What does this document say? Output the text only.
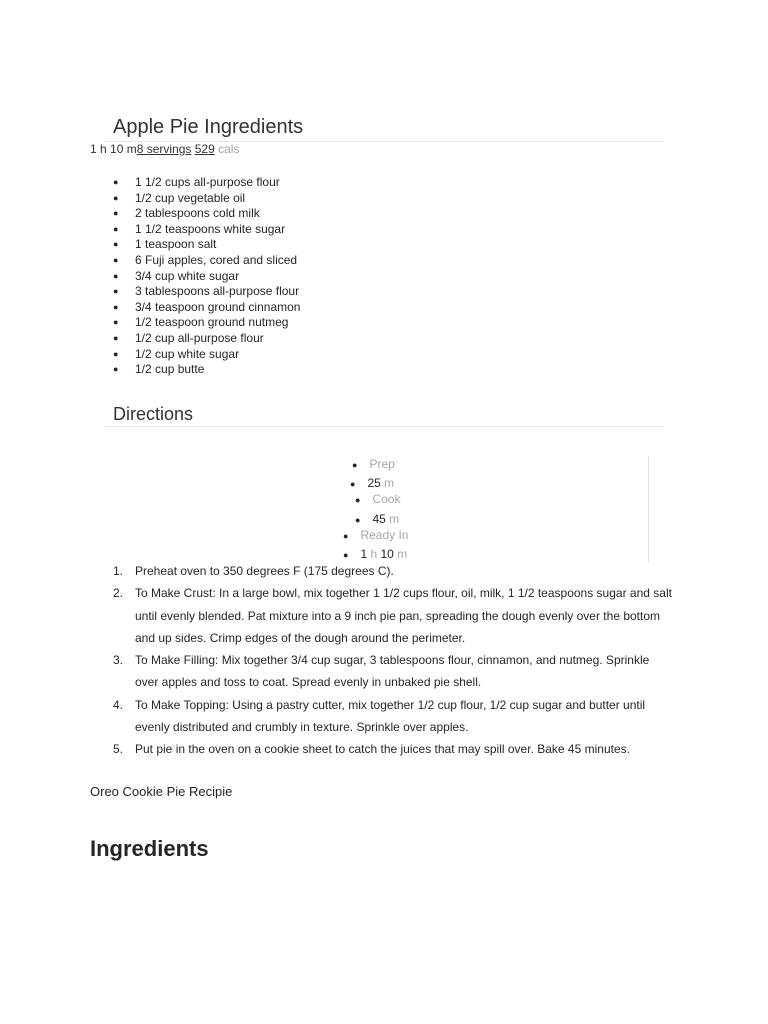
Apple Pie Ingredients
1 h 10 m8 servings 529 cals
● 1 1/2 cups all-purpose flour
● 1/2 cup vegetable oil
● 2 tablespoons cold milk
● 1 1/2 teaspoons white sugar
● 1 teaspoon salt
● 6 Fuji apples, cored and sliced
● 3/4 cup white sugar
● 3 tablespoons all-purpose flour
● 3/4 teaspoon ground cinnamon
● 1/2 teaspoon ground nutmeg
● 1/2 cup all-purpose flour
● 1/2 cup white sugar
● 1/2 cup butte
Directions
● Prep
● 25 m
● Cook
● 45 m
● Ready In
● 1 h 10 m
1. Preheat oven to 350 degrees F (175 degrees C).
2. To Make Crust: In a large bowl, mix together 1 1/2 cups flour, oil, milk, 1 1/2 teaspoons sugar and salt until evenly blended. Pat mixture into a 9 inch pie pan, spreading the dough evenly over the bottom and up sides. Crimp edges of the dough around the perimeter.
3. To Make Filling: Mix together 3/4 cup sugar, 3 tablespoons flour, cinnamon, and nutmeg. Sprinkle over apples and toss to coat. Spread evenly in unbaked pie shell.
4. To Make Topping: Using a pastry cutter, mix together 1/2 cup flour, 1/2 cup sugar and butter until evenly distributed and crumbly in texture. Sprinkle over apples.
5. Put pie in the oven on a cookie sheet to catch the juices that may spill over. Bake 45 minutes.
Oreo Cookie Pie Recipie
Ingredients
